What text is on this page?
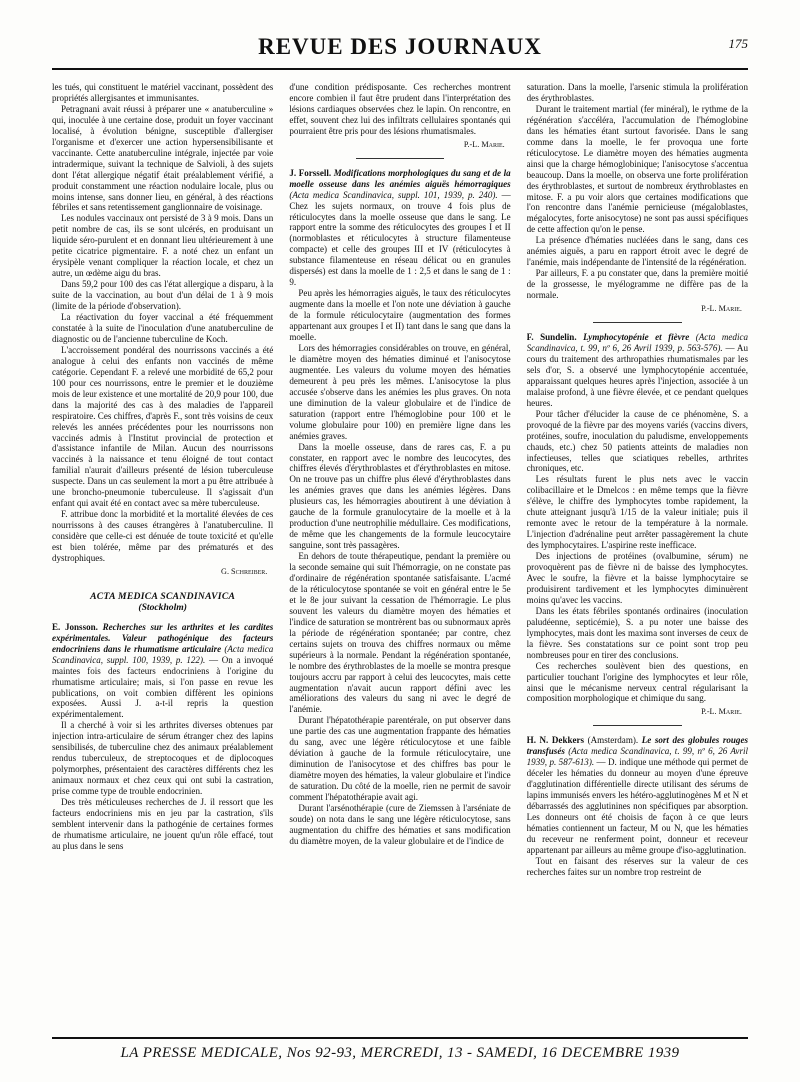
REVUE DES JOURNAUX	175

les tués, qui constituent le matériel vaccinant, possèdent des propriétés allergisantes et immunisantes.

Petragnani avait réussi à préparer une « anatuberculine » qui, inoculée à une certaine dose, produit un foyer vaccinant localisé, à évolution bénigne, susceptible d'allergiser l'organisme et d'exercer une action hypersensibilisante et vaccinante. Cette anatuberculine intégrale, injectée par voie intradermique, suivant la technique de Salvioli, à des sujets dont l'état allergique négatif était préalablement vérifié, a produit constamment une réaction nodulaire locale, plus ou moins intense, sans donner lieu, en général, à des réactions fébriles et sans retentissement ganglionnaire de voisinage.

Les nodules vaccinaux ont persisté de 3 à 9 mois. Dans un petit nombre de cas, ils se sont ulcérés, en produisant un liquide séro-purulent et en donnant lieu ultérieurement à une petite cicatrice pigmentaire. F. a noté chez un enfant un érysipèle venant compliquer la réaction locale, et chez un autre, un œdème aigu du bras.

Dans 59,2 pour 100 des cas l'état allergique a disparu, à la suite de la vaccination, au bout d'un délai de 1 à 9 mois (limite de la période d'observation).

La réactivation du foyer vaccinal a été fréquemment constatée à la suite de l'inoculation d'une anatuberculine de diagnostic ou de l'ancienne tuberculine de Koch.

L'accroissement pondéral des nourrissons vaccinés a été analogue à celui des enfants non vaccinés de même catégorie. Cependant F. a relevé une morbidité de 65,2 pour 100 pour ces nourrissons, entre le premier et le douzième mois de leur existence et une mortalité de 20,9 pour 100, due dans la majorité des cas à des maladies de l'appareil respiratoire. Ces chiffres, d'après F., sont très voisins de ceux relevés les années précédentes pour les nourrissons non vaccinés admis à l'Institut provincial de protection et d'assistance infantile de Milan. Aucun des nourrissons vaccinés à la naissance et tenu éloigné de tout contact familial n'aurait d'ailleurs présenté de lésion tuberculeuse suspecte. Dans un cas seulement la mort a pu être attribuée à une broncho-pneumonie tuberculeuse. Il s'agissait d'un enfant qui avait été en contact avec sa mère tuberculeuse.

F. attribue donc la morbidité et la mortalité élevées de ces nourrissons à des causes étrangères à l'anatuberculine. Il considère que celle-ci est dénuée de toute toxicité et qu'elle est bien tolérée, même par des prématurés et des dystrophiques.

G. Schreiber.
ACTA MEDICA SCANDINAVICA
(Stockholm)

E. Jonsson. Recherches sur les arthrites et les cardites expérimentales. Valeur pathogénique des facteurs endocriniens dans le rhumatisme articulaire (Acta medica Scandinavica, suppl. 100, 1939, p. 122). — On a invoqué maintes fois des facteurs endocriniens à l'origine du rhumatisme articulaire; mais, si l'on passe en revue les publications, on voit combien diffèrent les opinions exposées. Aussi J. a-t-il repris la question expérimentalement.

Il a cherché à voir si les arthrites diverses obtenues par injection intra-articulaire de sérum étranger chez des lapins sensibilisés, de tuberculine chez des animaux préalablement rendus tuberculeux, de streptocoques et de diplocoques polymorphes, présentaient des caractères différents chez les animaux normaux et chez ceux qui ont subi la castration, prise comme type de trouble endocrinien.

Des très méticuleuses recherches de J. il ressort que les facteurs endocriniens mis en jeu par la castration, s'ils semblent intervenir dans la pathogénie de certaines formes de rhumatisme articulaire, ne jouent qu'un rôle effacé, tout au plus dans le sens

d'une condition prédisposante. Ces recherches montrent encore combien il faut être prudent dans l'interprétation des lésions cardiaques observées chez le lapin. On rencontre, en effet, souvent chez lui des infiltrats cellulaires spontanés qui pourraient être pris pour des lésions rhumatismales.

P.-L. Marie.

J. Forssell. Modifications morphologiques du sang et de la moelle osseuse dans les anémies aiguës hémorragiques (Acta medica Scandinavica, suppl. 101, 1939, p. 240). — Chez les sujets normaux, on trouve 4 fois plus de réticulocytes dans la moelle osseuse que dans le sang. Le rapport entre la somme des réticulocytes des groupes I et II (normoblastes et réticulocytes à structure filamenteuse compacte) et celle des groupes III et IV (réticulocytes à substance filamenteuse en réseau délicat ou en granules dispersés) est dans la moelle de 1 : 2,5 et dans le sang de 1 : 9.

Peu après les hémorragies aiguës, le taux des réticulocytes augmente dans la moelle et l'on note une déviation à gauche de la formule réticulocytaire (augmentation des formes appartenant aux groupes I et II) tant dans le sang que dans la moelle.

Lors des hémorragies considérables on trouve, en général, le diamètre moyen des hématies diminué et l'anisocytose augmentée. Les valeurs du volume moyen des hématies demeurent à peu près les mêmes. L'anisocytose la plus accusée s'observe dans les anémies les plus graves. On nota une diminution de la valeur globulaire et de l'indice de saturation (rapport entre l'hémoglobine pour 100 et le volume globulaire pour 100) en première ligne dans les anémies graves.

Dans la moelle osseuse, dans de rares cas, F. a pu constater, en rapport avec le nombre des leucocytes, des chiffres élevés d'érythroblastes et d'érythroblastes en mitose. On ne trouve pas un chiffre plus élevé d'érythroblastes dans les anémies graves que dans les anémies légères. Dans plusieurs cas, les hémorragies aboutirent à une déviation à gauche de la formule granulocytaire de la moelle et à la production d'une neutrophilie médullaire. Ces modifications, de même que les changements de la formule leucocytaire sanguine, sont très passagères.

En dehors de toute thérapeutique, pendant la première ou la seconde semaine qui suit l'hémorragie, on ne constate pas d'ordinaire de régénération spontanée satisfaisante. L'acmé de la réticulocytose spontanée se voit en général entre le 5e et le 8e jour suivant la cessation de l'hémorragie. Le plus souvent les valeurs du diamètre moyen des hématies et l'indice de saturation se montrèrent bas ou subnormaux après la période de régénération spontanée; par contre, chez certains sujets on trouva des chiffres normaux ou même supérieurs à la normale. Pendant la régénération spontanée, le nombre des érythroblastes de la moelle se montra presque toujours accru par rapport à celui des leucocytes, mais cette augmentation n'avait aucun rapport défini avec les améliorations des valeurs du sang ni avec le degré de l'anémie.

Durant l'hépatothérapie parentérale, on put observer dans une partie des cas une augmentation frappante des hématies du sang, avec une légère réticulocytose et une faible déviation à gauche de la formule réticulocytaire, une diminution de l'anisocytose et des chiffres bas pour le diamètre moyen des hématies, la valeur globulaire et l'indice de saturation. Du côté de la moelle, rien ne permit de savoir comment l'hépatothérapie avait agi.

Durant l'arsénothérapie (cure de Ziemssen à l'arséniate de soude) on nota dans le sang une légère réticulocytose, sans augmentation du chiffre des hématies et sans modification du diamètre moyen, de la valeur globulaire et de l'indice de

saturation. Dans la moelle, l'arsenic stimula la prolifération des érythroblastes.

Durant le traitement martial (fer minéral), le rythme de la régénération s'accéléra, l'accumulation de l'hémoglobine dans les hématies étant surtout favorisée. Dans le sang comme dans la moelle, le fer provoqua une forte réticulocytose. Le diamètre moyen des hématies augmenta ainsi que la charge hémoglobinique; l'anisocytose s'accentua beaucoup. Dans la moelle, on observa une forte prolifération des érythroblastes, et surtout de nombreux érythroblastes en mitose. F. a pu voir alors que certaines modifications que l'on rencontre dans l'anémie pernicieuse (mégaloblastes, mégalocytes, forte anisocytose) ne sont pas aussi spécifiques de cette affection qu'on le pense.

La présence d'hématies nucléées dans le sang, dans ces anémies aiguës, a paru en rapport étroit avec le degré de l'anémie, mais indépendante de l'intensité de la régénération.

Par ailleurs, F. a pu constater que, dans la première moitié de la grossesse, le myélogramme ne diffère pas de la normale.

P.-L. Marie.

F. Sundelin. Lymphocytopénie et fièvre (Acta medica Scandinavica, t. 99, nº 6, 26 Avril 1939, p. 563-576). — Au cours du traitement des arthropathies rhumatismales par les sels d'or, S. a observé une lymphocytopénie accentuée, apparaissant quelques heures après l'injection, associée à un malaise profond, à une fièvre élevée, et ce pendant quelques heures.

Pour tâcher d'élucider la cause de ce phénomène, S. a provoqué de la fièvre par des moyens variés (vaccins divers, protéines, soufre, inoculation du paludisme, enveloppements chauds, etc.) chez 50 patients atteints de maladies non infectieuses, telles que sciatiques rebelles, arthrites chroniques, etc.

Les résultats furent le plus nets avec le vaccin colibacillaire et le Dmelcos : en même temps que la fièvre s'élève, le chiffre des lymphocytes tombe rapidement, la chute atteignant jusqu'à 1/15 de la valeur initiale; puis il remonte avec le retour de la température à la normale. L'injection d'adrénaline peut arrêter passagèrement la chute des lymphocytaires. L'aspirine reste inefficace.

Des injections de protéines (ovalbumine, sérum) ne provoquèrent pas de fièvre ni de baisse des lymphocytes. Avec le soufre, la fièvre et la baisse lymphocytaire se produisirent tardivement et les lymphocytes diminuèrent moins qu'avec les vaccins.

Dans les états fébriles spontanés ordinaires (inoculation paludéenne, septicémie), S. a pu noter une baisse des lymphocytes, mais dont les maxima sont inverses de ceux de la fièvre. Ses constatations sur ce point sont trop peu nombreuses pour en tirer des conclusions.

Ces recherches soulèvent bien des questions, en particulier touchant l'origine des lymphocytes et leur rôle, ainsi que le mécanisme nerveux central régularisant la composition morphologique et chimique du sang.

P.-L. Marie.

H. N. Dekkers (Amsterdam). Le sort des globules rouges transfusés (Acta medica Scandinavica, t. 99, nº 6, 26 Avril 1939, p. 587-613). — D. indique une méthode qui permet de déceler les hématies du donneur au moyen d'une épreuve d'agglutination différentielle directe utilisant des sérums de lapins immunisés envers les hétéro-agglutinogènes M et N et débarrassés des agglutinines non spécifiques par absorption. Les donneurs ont été choisis de façon à ce que leurs hématies contiennent un facteur, M ou N, que les hématies du receveur ne renferment point, donneur et receveur appartenant par ailleurs au même groupe d'iso-agglutination.

Tout en faisant des réserves sur la valeur de ces recherches faites sur un nombre trop restreint de

LA PRESSE MEDICALE, Nos 92-93, MERCREDI, 13 - SAMEDI, 16 DECEMBRE 1939
